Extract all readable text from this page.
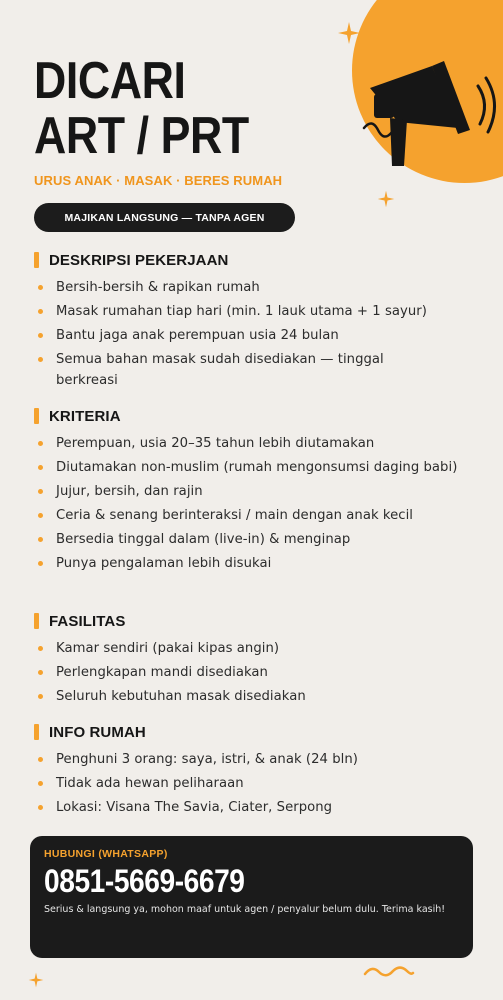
DICARI
ART / PRT
URUS ANAK · MASAK · BERES RUMAH
MAJIKAN LANGSUNG — TANPA AGEN
DESKRIPSI PEKERJAAN
Bersih-bersih & rapikan rumah
Masak rumahan tiap hari (min. 1 lauk utama + 1 sayur)
Bantu jaga anak perempuan usia 24 bulan
Semua bahan masak sudah disediakan — tinggal berkreasi
KRITERIA
Perempuan, usia 20–35 tahun lebih diutamakan
Diutamakan non-muslim (rumah mengonsumsi daging babi)
Jujur, bersih, dan rajin
Ceria & senang berinteraksi / main dengan anak kecil
Bersedia tinggal dalam (live-in) & menginap
Punya pengalaman lebih disukai
FASILITAS
Kamar sendiri (pakai kipas angin)
Perlengkapan mandi disediakan
Seluruh kebutuhan masak disediakan
INFO RUMAH
Penghuni 3 orang: saya, istri, & anak (24 bln)
Tidak ada hewan peliharaan
Lokasi: Visana The Savia, Ciater, Serpong
HUBUNGI (WHATSAPP)
0851-5669-6679
Serius & langsung ya, mohon maaf untuk agen / penyalur belum dulu. Terima kasih!
